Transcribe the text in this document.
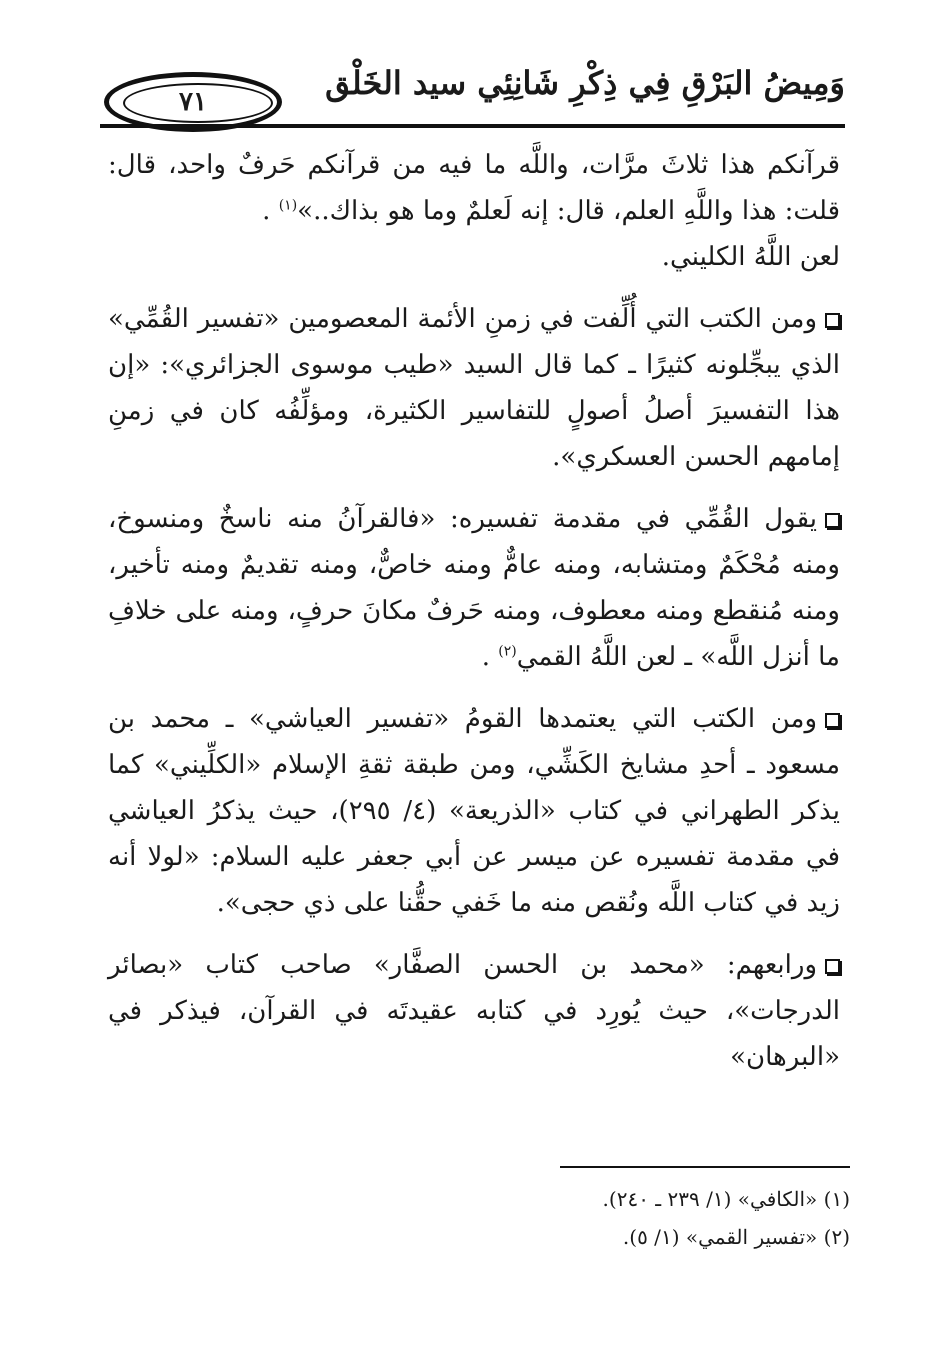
٧١	وَمِيضُ البَرْقِ فِي ذِكْرِ شَانِئِي سيد الخَلْق

قرآنكم هذا ثلاثَ مرَّات، واللَّه ما فيه من قرآنكم حَرفٌ واحد، قال: قلت: هذا واللَّهِ العلم، قال: إنه لَعلمٌ وما هو بذاك..»$^{(١)}$ .

لعن اللَّهُ الكليني.

ومن الكتب التي أُلِّفت في زمنِ الأئمة المعصومين «تفسير القُمِّي» الذي يبجِّلونه كثيرًا ـ كما قال السيد «طيب موسوى الجزائري»: «إن هذا التفسيرَ أصلُ أصولٍ للتفاسير الكثيرة، ومؤلِّفُه كان في زمنِ إمامهم الحسن العسكري».

يقول القُمِّي في مقدمة تفسيره: «فالقرآنُ منه ناسخٌ ومنسوخ، ومنه مُحْكَمٌ ومتشابه، ومنه عامٌّ ومنه خاصٌّ، ومنه تقديمٌ ومنه تأخير، ومنه مُنقطع ومنه معطوف، ومنه حَرفٌ مكانَ حرفٍ، ومنه على خلافِ ما أنزل اللَّه» ـ لعن اللَّهُ القمي$^{(٢)}$ .

ومن الكتب التي يعتمدها القومُ «تفسير العياشي» ـ محمد بن مسعود ـ أحدِ مشايخ الكَشِّي، ومن طبقة ثقةِ الإسلام «الكلِّيني» كما يذكر الطهراني في كتاب «الذريعة» (٤/ ٢٩٥)، حيث يذكرُ العياشي في مقدمة تفسيره عن ميسر عن أبي جعفر عليه السلام: «لولا أنه زيد في كتاب اللَّه ونُقص منه ما خَفي حقُّنا على ذي حجى».

ورابعهم: «محمد بن الحسن الصفَّار» صاحب كتاب «بصائر الدرجات»، حيث يُورِد في كتابه عقيدتَه في القرآن، فيذكر في «البرهان»

(١) «الكافي» (١/ ٢٣٩ ـ ٢٤٠).

(٢) «تفسير القمي» (١/ ٥).
